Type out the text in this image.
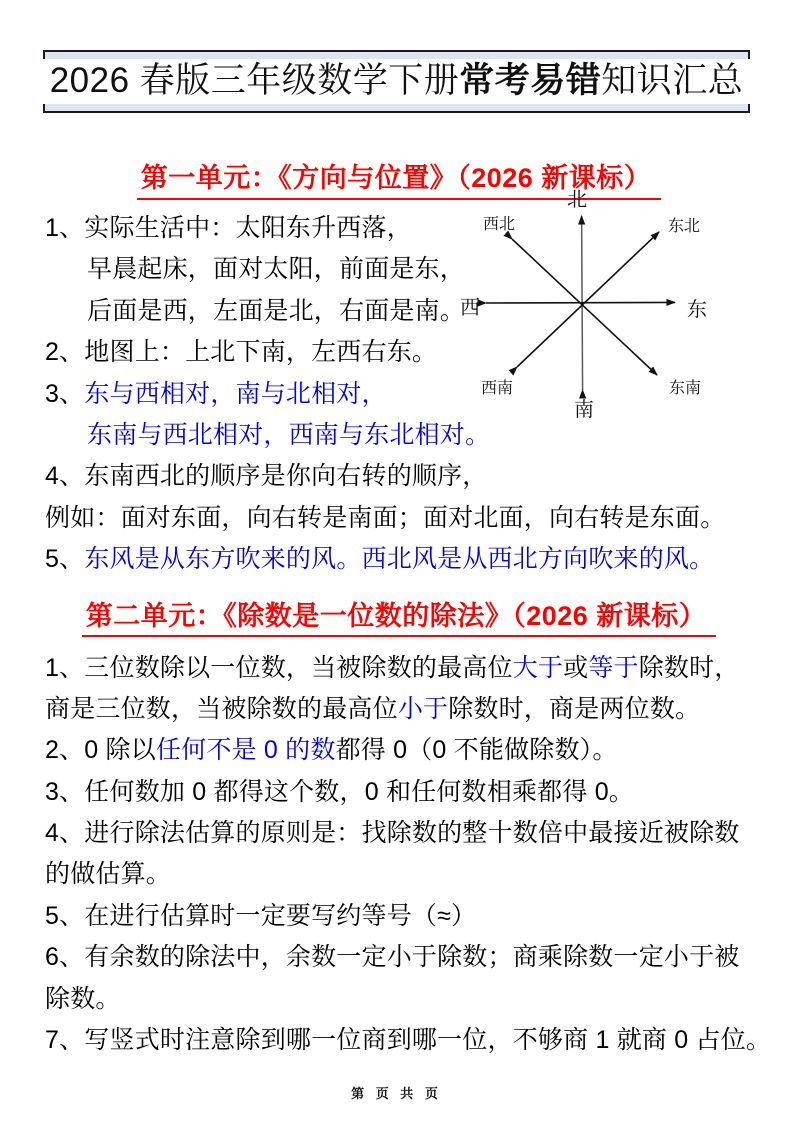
2026 春版三年级数学下册常考易错知识汇总
第一单元：《方向与位置》（2026 新课标）
1、实际生活中：太阳东升西落，
早晨起床，面对太阳，前面是东，
后面是西，左面是北，右面是南。
2、地图上：上北下南，左西右东。
3、东与西相对，南与北相对，
东南与西北相对，西南与东北相对。
4、东南西北的顺序是你向右转的顺序，
例如：面对东面，向右转是南面；面对北面，向右转是东面。
5、东风是从东方吹来的风。西北风是从西北方向吹来的风。
第二单元：《除数是一位数的除法》（2026 新课标）
1、三位数除以一位数，当被除数的最高位大于或等于除数时，
商是三位数，当被除数的最高位小于除数时，商是两位数。
2、0 除以任何不是 0 的数都得 0（0 不能做除数）。
3、任何数加 0 都得这个数，0 和任何数相乘都得 0。
4、进行除法估算的原则是：找除数的整十数倍中最接近被除数
的做估算。
5、在进行估算时一定要写约等号（≈）
6、有余数的除法中，余数一定小于除数；商乘除数一定小于被
除数。
7、写竖式时注意除到哪一位商到哪一位，不够商 1 就商 0 占位。
北
西北	东北
西	东
西南	东南
南
第 页 共 页
